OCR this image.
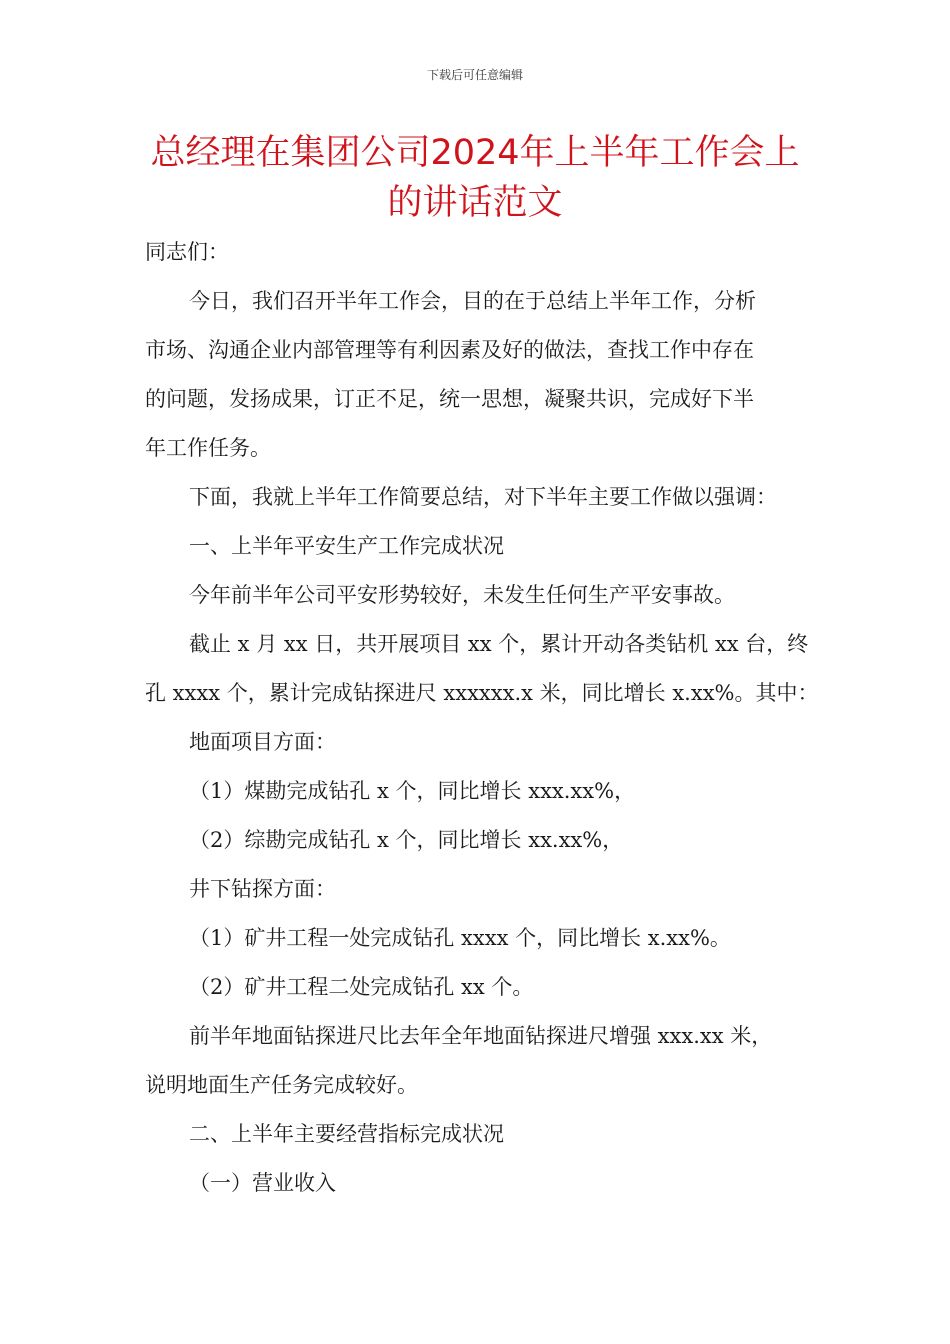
下载后可任意编辑
总经理在集团公司2024年上半年工作会上
的讲话范文

同志们：

今日，我们召开半年工作会，目的在于总结上半年工作，分析

市场、沟通企业内部管理等有利因素及好的做法，查找工作中存在

的问题，发扬成果，订正不足，统一思想，凝聚共识，完成好下半

年工作任务。

下面，我就上半年工作简要总结，对下半年主要工作做以强调：

一、上半年平安生产工作完成状况

今年前半年公司平安形势较好，未发生任何生产平安事故。

截止 x 月 xx 日，共开展项目 xx 个，累计开动各类钻机 xx 台，终

孔 xxxx 个，累计完成钻探进尺 xxxxxx.x 米，同比增长 x.xx%。其中：

地面项目方面：

（1）煤勘完成钻孔 x 个，同比增长 xxx.xx%，

（2）综勘完成钻孔 x 个，同比增长 xx.xx%，

井下钻探方面：

（1）矿井工程一处完成钻孔 xxxx 个，同比增长 x.xx%。

（2）矿井工程二处完成钻孔 xx 个。

前半年地面钻探进尺比去年全年地面钻探进尺增强 xxx.xx 米，

说明地面生产任务完成较好。

二、上半年主要经营指标完成状况

（一）营业收入
